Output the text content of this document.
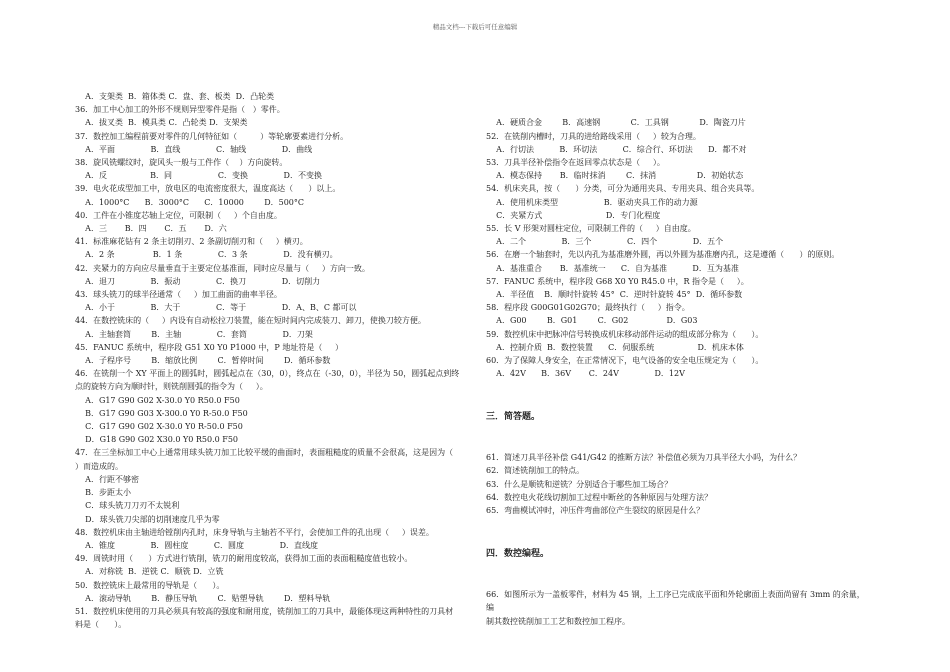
精品文档---下载后可任意编辑
A．支架类  B．箱体类 C．盘、套、板类  D．凸轮类
36．加工中心加工的外形不规则异型零件是指（   ）零件。
A．拔叉类  B．模具类 C．凸轮类 D．支架类
37．数控加工编程前要对零件的几何特征如（         ）等轮廓要素进行分析。
A．平面              B．直线              C．轴线              D．曲线
38．旋风铣螺纹时，旋风头一般与工件作（    ）方向旋转。
A．反                 B．同                  C．变换              D．不变换
39．电火花成型加工中，放电区的电流密度很大，温度高达（      ）以上。
A．1000°C      B．3000°C      C．10000        D．500°C
40．工件在小锥度芯轴上定位，可限制（     ）个自由度。
A．三       B．四       C．五       D．六
41．标准麻花钻有 2 条主切削刃、2 条副切削刃和（     ）横刃。
A．2 条               B．1 条              C．3 条              D．没有横刃。
42．夹紧力的方向应尽量垂直于主要定位基准面，同时应尽量与（     ）方向一致。
A．退刀              B．振动              C．换刀              D．切削力
43．球头铣刀的球半径通常（     ）加工曲面的曲率半径。
A．小于              B．大于              C．等于              D．A、B、C 都可以
44．在数控铣床的（     ）内设有自动松拉刀装置，能在短时间内完成装刀、卸刀，使换刀较方便。
A．主轴套筒        B．主轴              C．套筒              D．刀架
45．FANUC 系统中，程序段 G51 X0 Y0 P1000 中，P 地址符是（     ）
A．子程序号        B．缩放比例        C．暂停时间        D．循环参数
46．在铣削一个 XY 平面上的圆弧时，圆弧起点在（30，0），终点在（-30，0），半径为 50，圆弧起点到终
点的旋转方向为顺时针，则铣削圆弧的指令为（     ）。
A．G17 G90 G02 X-30.0 Y0 R50.0 F50
B．G17 G90 G03 X-300.0 Y0 R-50.0 F50
C．G17 G90 G02 X-30.0 Y0 R-50.0 F50
D．G18 G90 G02 X30.0 Y0 R50.0 F50
47．在三坐标加工中心上通常用球头铣刀加工比较平缓的曲面时，表面粗糙度的质量不会很高，这是因为（
）而造成的。
A．行距不够密
B．步距太小
C．球头铣刀刀刃不太锐利
D．球头铣刀尖部的切削速度几乎为零
48．数控机床由主轴进给镗削内孔时，床身导轨与主轴若不平行，会使加工件的孔出现（     ）误差。
A．锥度              B．圆柱度          C．圆度              D．直线度
49．周铣时用（      ）方式进行铣削，铣刀的耐用度较高，获得加工面的表面粗糙度值也较小。
A．对称铣  B．逆铣 C．顺铣 D．立铣
50．数控铣床上最常用的导轨是（      ）。
A．滚动导轨        B．静压导轨        C．贴塑导轨        D．塑料导轨
51．数控机床使用的刀具必须具有较高的强度和耐用度，铣削加工的刀具中，最能体现这两种特性的刀具材
料是（      ）。

A．硬质合金        B．高速钢            C．工具钢            D．陶瓷刀片
52．在铣削内槽时，刀具的进给路线采用（     ）较为合理。
A．行切法          B．环切法          C．综合行、环切法      D．都不对
53．刀具半径补偿指令在返回零点状态是（     ）。
A．模态保持       B．临时抹消        C．抹消                D．初始状态
54．机床夹具，按（      ）分类，可分为通用夹具、专用夹具、组合夹具等。
A．使用机床类型                  B．驱动夹具工作的动力源
C．夹紧方式                         D．专门化程度
55．长 V 形架对圆柱定位，可限制工件的（     ）自由度。
A．二个              B．三个              C．四个              D．五个
56．在磨一个轴套时，先以内孔为基准磨外圆，再以外圆为基准磨内孔，这是遵循（      ）的原则。
A．基准重合       B．基准统一      C．自为基准          D．互为基准
57．FANUC 系统中，程序段 G68 X0 Y0 R45.0 中，R 指令是（     ）。
A．半径值    B．顺时针旋转 45°  C．逆时针旋转 45°  D．循环参数
58．程序段 G00G01G02G70；最终执行（     ）指令。
A．G00        B．G01        C．G02               D．G03
59．数控机床中把脉冲信号转换成机床移动部件运动的组成部分称为（      ）。
A．控制介质  B．数控装置      C．伺服系统                 D．机床本体
60．为了保障人身安全，在正常情况下，电气设备的安全电压规定为（      ）。
A．42V      B．36V       C．24V              D．12V

三．简答题。

61．简述刀具半径补偿 G41/G42 的推断方法？补偿值必须为刀具半径大小吗，为什么？
62．简述铣削加工的特点。
63．什么是顺铣和逆铣？分别适合于哪些加工场合？
64．数控电火花线切割加工过程中断丝的各种原因与处理方法？
65．弯曲模试冲时，冲压件弯曲部位产生裂纹的原因是什么？

四．数控编程。

66．如图所示为一盖板零件，材料为 45 钢，上工序已完成底平面和外轮廓面上表面尚留有 3mm 的余量，编
制其数控铣削加工工艺和数控加工程序。
